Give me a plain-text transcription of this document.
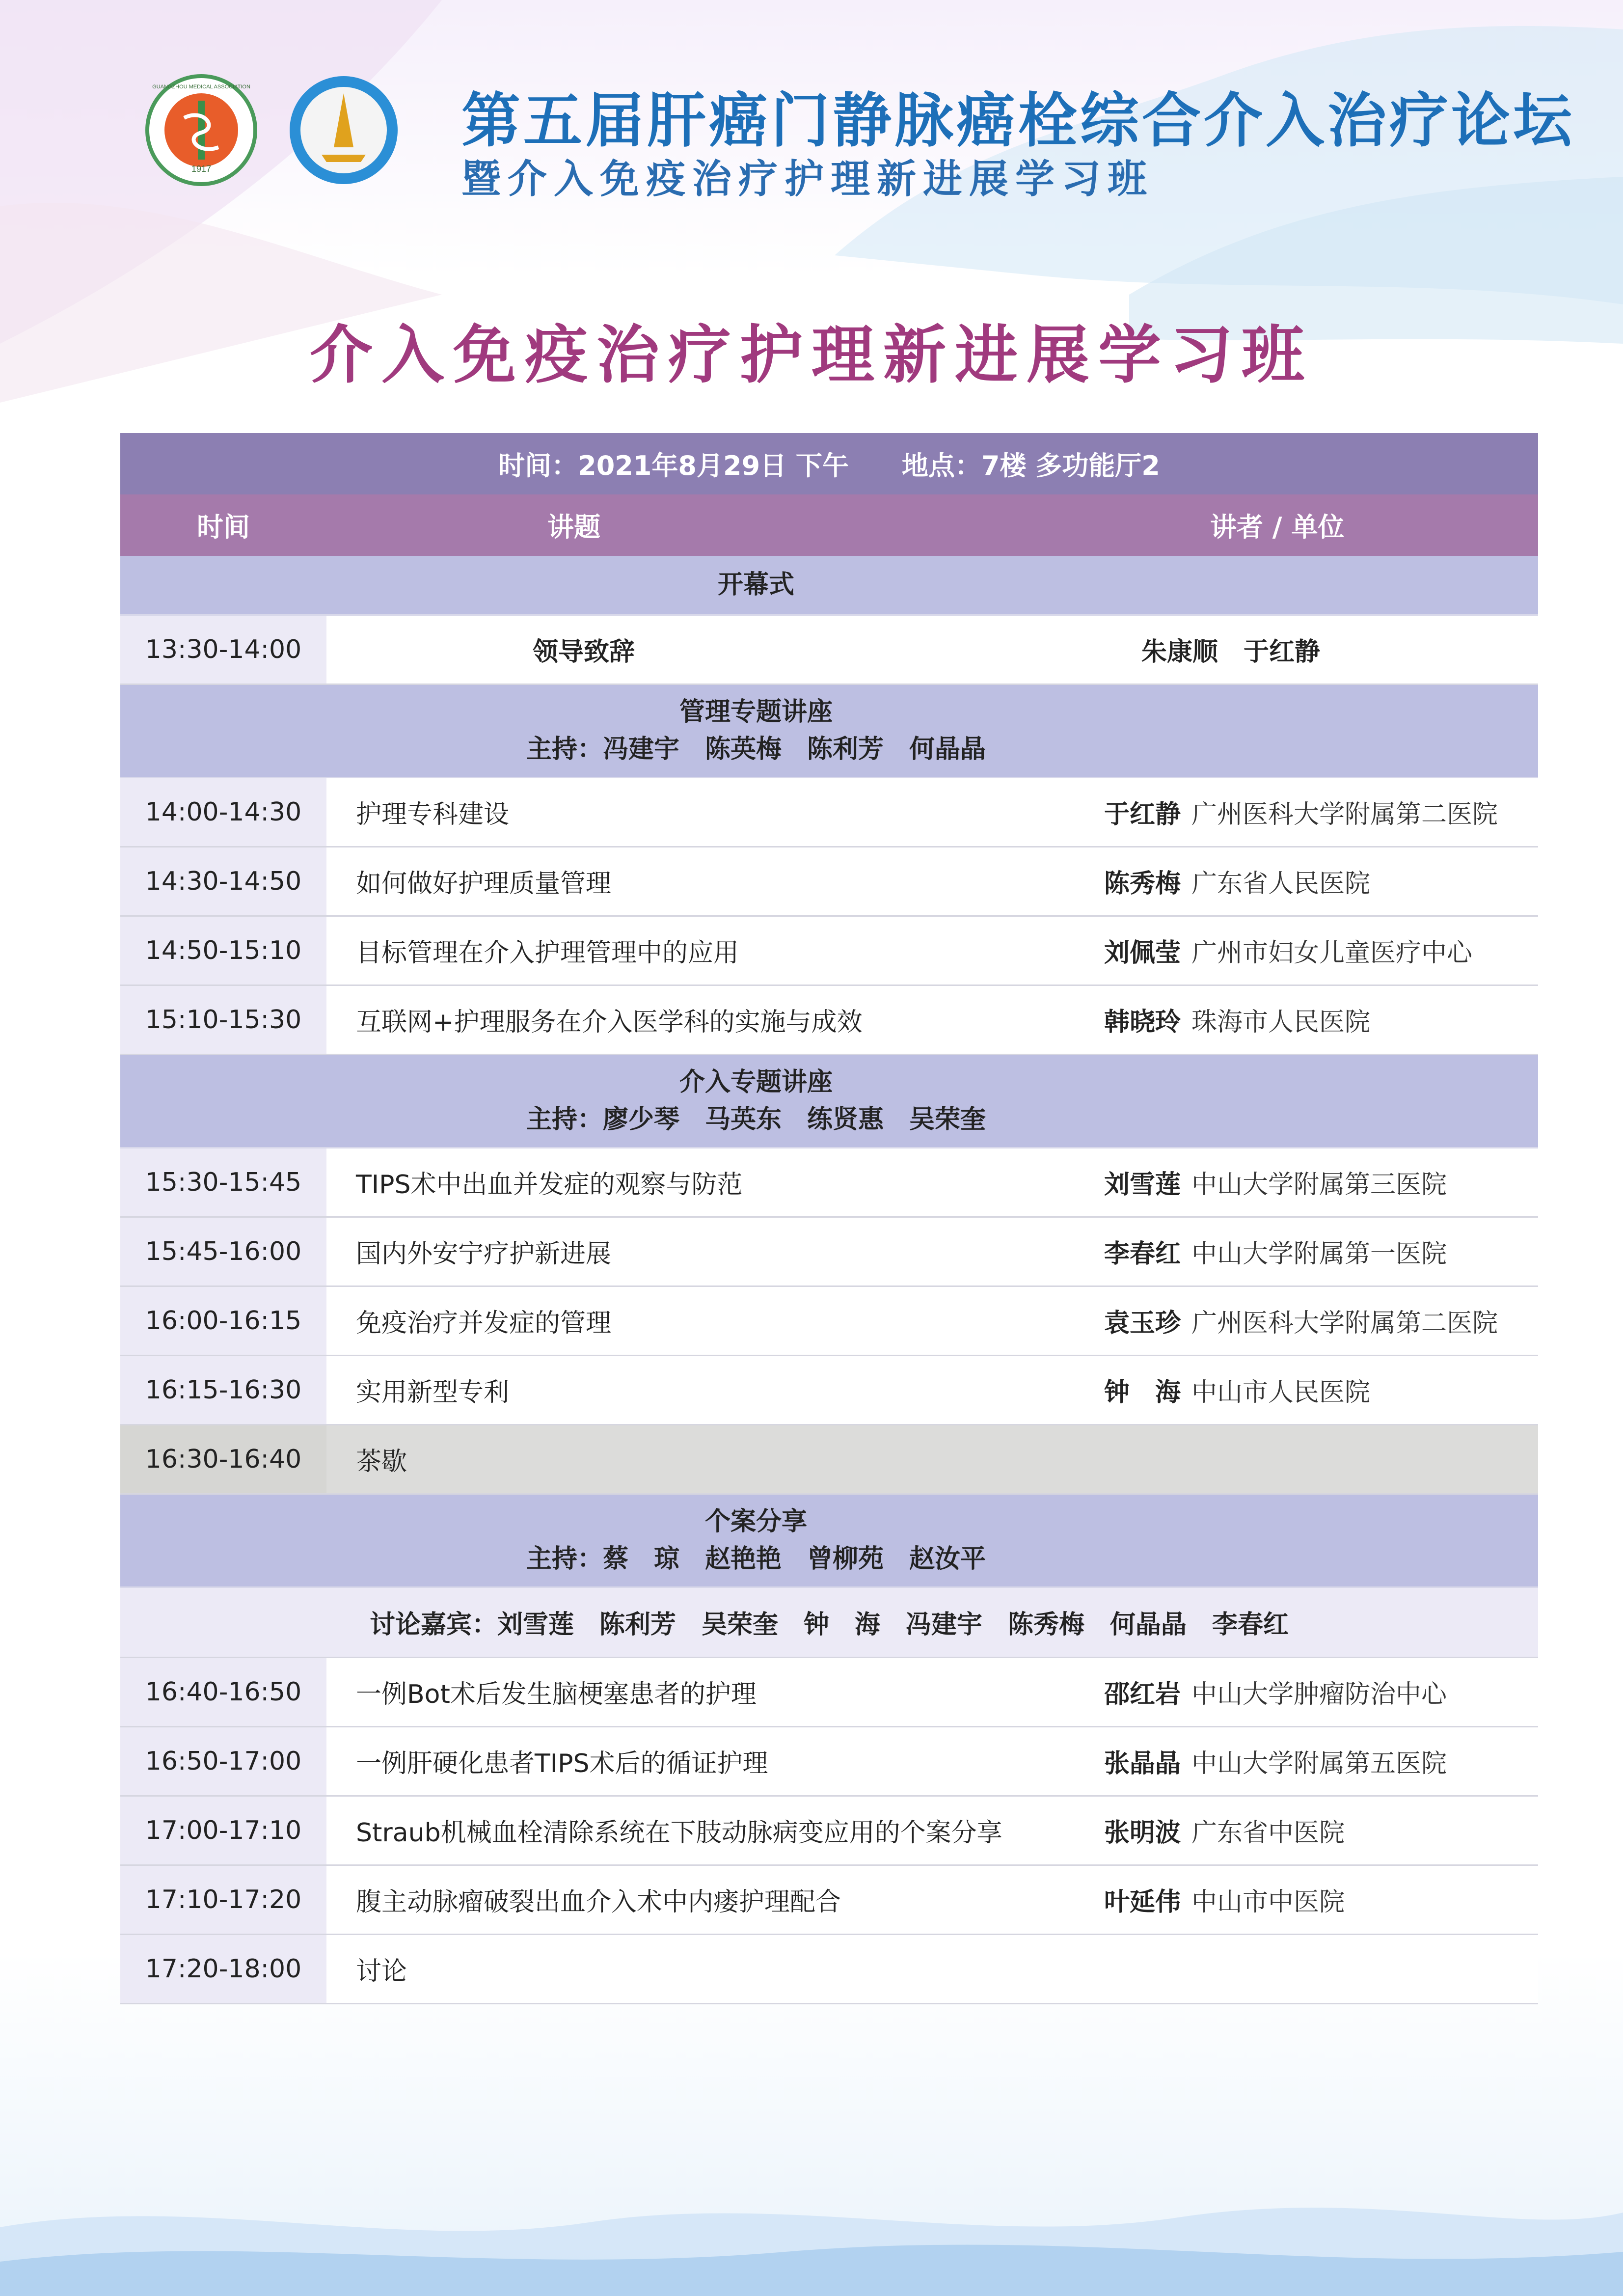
1917
GUANGZHOU MEDICAL ASSOCIATION	第五届肝癌门静脉癌栓综合介入治疗论坛
暨介入免疫治疗护理新进展学习班
介入免疫治疗护理新进展学习班
时间：2021年8月29日 下午　　地点：7楼 多功能厅2			
时间	讲题		讲者 / 单位
	开幕式		
13:30-14:00	领导致辞	朱康顺　于红静	

	管理专题讲座
主持：冯建宇　陈英梅　陈利芳　何晶晶		

14:00-14:30	护理专科建设	于红静	广州医科大学附属第二医院
14:30-14:50	如何做好护理质量管理	陈秀梅	广东省人民医院
14:50-15:10	目标管理在介入护理管理中的应用	刘佩莹	广州市妇女儿童医疗中心
15:10-15:30	互联网+护理服务在介入医学科的实施与成效	韩晓玲	珠海市人民医院

	介入专题讲座
主持：廖少琴　马英东　练贤惠　吴荣奎		

15:30-15:45	TIPS术中出血并发症的观察与防范	刘雪莲	中山大学附属第三医院
15:45-16:00	国内外安宁疗护新进展	李春红	中山大学附属第一医院
16:00-16:15	免疫治疗并发症的管理	袁玉珍	广州医科大学附属第二医院
16:15-16:30	实用新型专利	钟　海	中山市人民医院
16:30-16:40	茶歇		

	个案分享
主持：蔡　琼　赵艳艳　曾柳苑　赵汝平		

讨论嘉宾：刘雪莲　陈利芳　吴荣奎　钟　海　冯建宇　陈秀梅　何晶晶　李春红			
16:40-16:50	一例Bot术后发生脑梗塞患者的护理	邵红岩	中山大学肿瘤防治中心
16:50-17:00	一例肝硬化患者TIPS术后的循证护理	张晶晶	中山大学附属第五医院
17:00-17:10	Straub机械血栓清除系统在下肢动脉病变应用的个案分享	张明波	广东省中医院
17:10-17:20	腹主动脉瘤破裂出血介入术中内瘘护理配合	叶延伟	中山市中医院
17:20-18:00	讨论		
